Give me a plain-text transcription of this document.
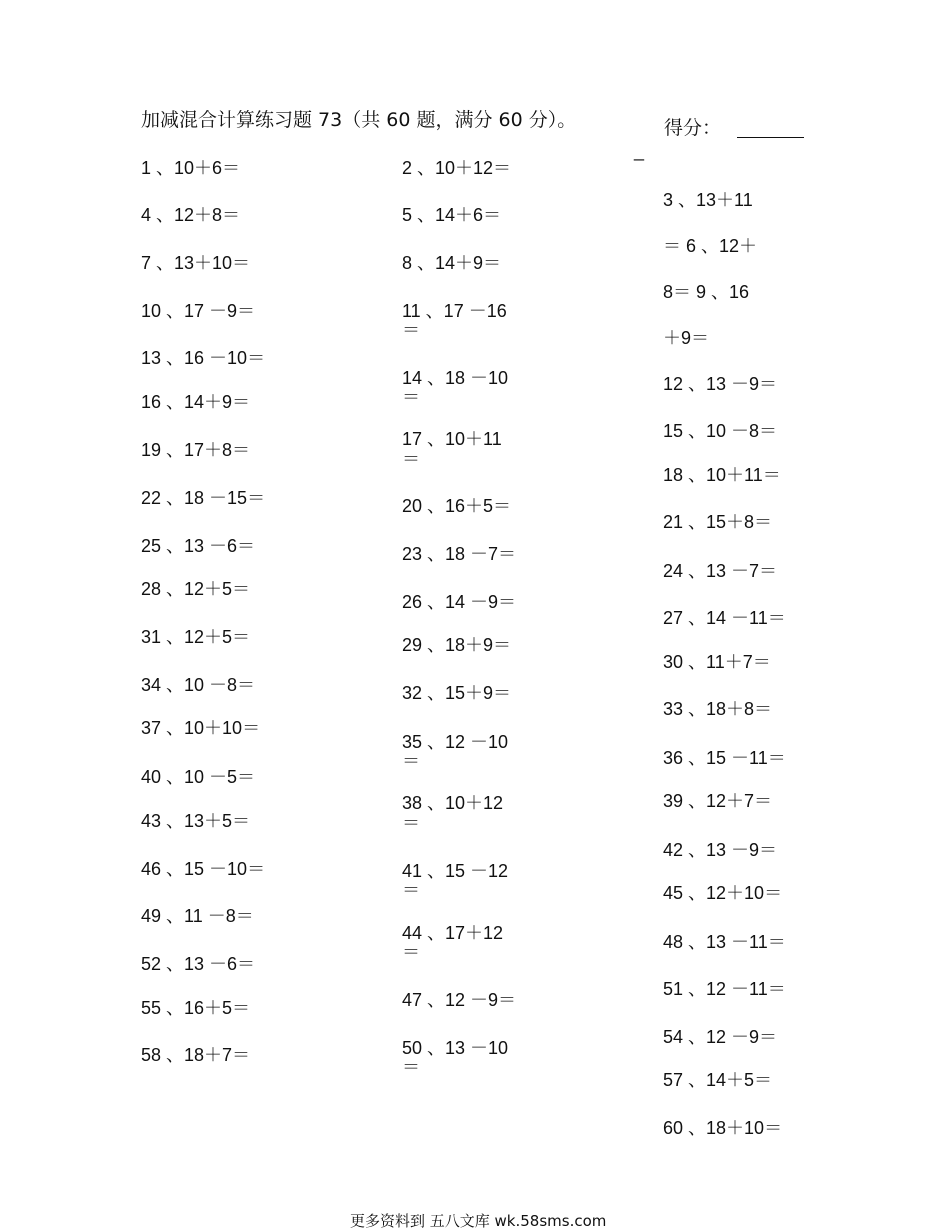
加减混合计算练习题 73（共 60 题，满分 60 分）。	得分：
_
1 、10＋6＝
4 、12＋8＝
7 、13＋10＝
10 、17 －9＝
13 、16 －10＝
16 、14＋9＝
19 、17＋8＝
22 、18 －15＝
25 、13 －6＝
28 、12＋5＝
31 、12＋5＝
34 、10 －8＝
37 、10＋10＝
40 、10 －5＝
43 、13＋5＝
46 、15 －10＝
49 、11 －8＝
52 、13 －6＝
55 、16＋5＝
58 、18＋7＝
2 、10＋12＝
5 、14＋6＝
8 、14＋9＝
11 、17 －16
＝
14 、18 －10
＝
17 、10＋11
＝
20 、16＋5＝
23 、18 －7＝
26 、14 －9＝
29 、18＋9＝
32 、15＋9＝
35 、12 －10
＝
38 、10＋12
＝
41 、15 －12
＝
44 、17＋12
＝
47 、12 －9＝
50 、13 －10
＝
3 、13＋11
＝ 6 、12＋
8＝ 9 、16
＋9＝
12 、13 －9＝
15 、10 －8＝
18 、10＋11＝
21 、15＋8＝
24 、13 －7＝
27 、14 －11＝
30 、11＋7＝
33 、18＋8＝
36 、15 －11＝
39 、12＋7＝
42 、13 －9＝
45 、12＋10＝
48 、13 －11＝
51 、12 －11＝
54 、12 －9＝
57 、14＋5＝
60 、18＋10＝
更多资料到 五八文库 wk.58sms.com
